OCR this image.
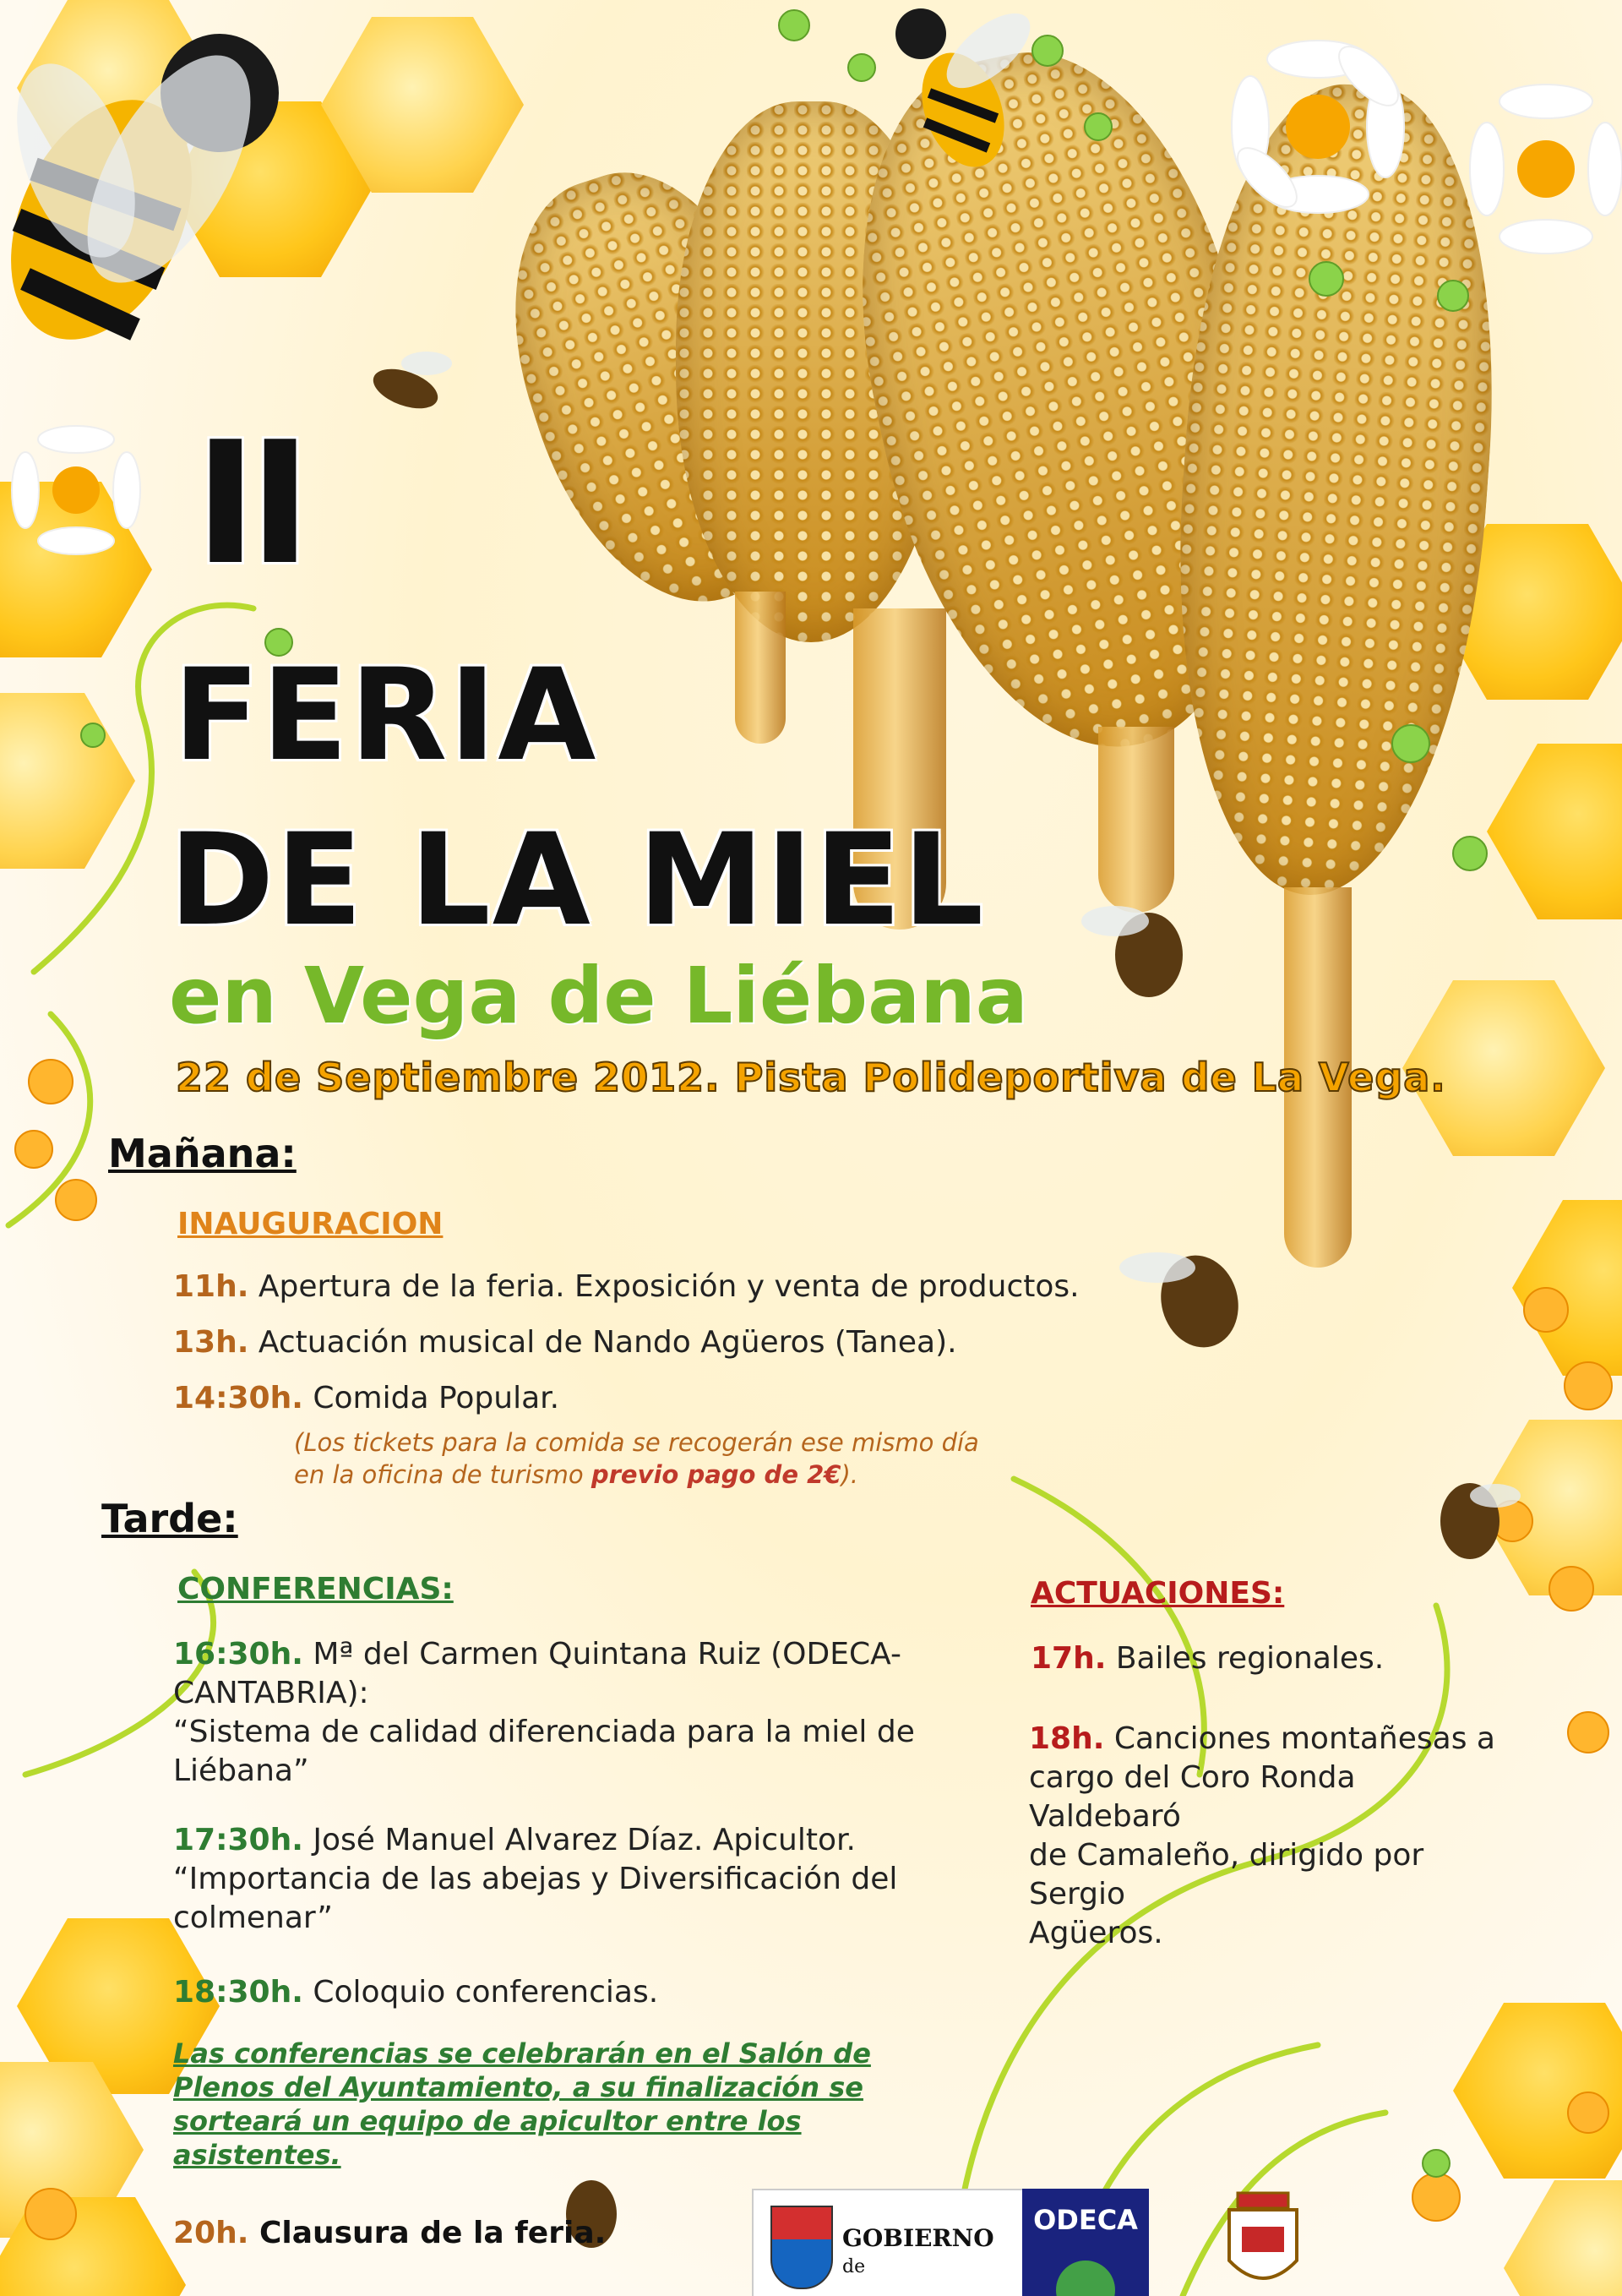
II
FERIA
DE LA MIEL
en Vega de Liébana
22 de Septiembre 2012. Pista Polideportiva de La Vega.
Mañana:
INAUGURACION
11h. Apertura de la feria. Exposición y venta de productos.
13h. Actuación musical de Nando Agüeros (Tanea).
14:30h. Comida Popular.
(Los tickets para la comida se recogerán ese mismo día
en la oficina de turismo previo pago de 2€).
Tarde:
CONFERENCIAS:
16:30h. Mª del Carmen Quintana Ruiz (ODECA-
CANTABRIA):
“Sistema de calidad diferenciada para la miel de
Liébana”
17:30h. José Manuel Alvarez Díaz. Apicultor.
“Importancia de las abejas y Diversificación del
colmenar”
18:30h. Coloquio conferencias.
Las conferencias se celebrarán en el Salón de Plenos del Ayuntamiento, a su finalización se sorteará un equipo de apicultor entre los asistentes.
ACTUACIONES:
17h. Bailes regionales.
18h. Canciones montañesas a
cargo del Coro Ronda Valdebaró
de Camaleño, dirigido por Sergio
Agüeros.
20h. Clausura de la feria.	GOBIERNO
de
ODECA
